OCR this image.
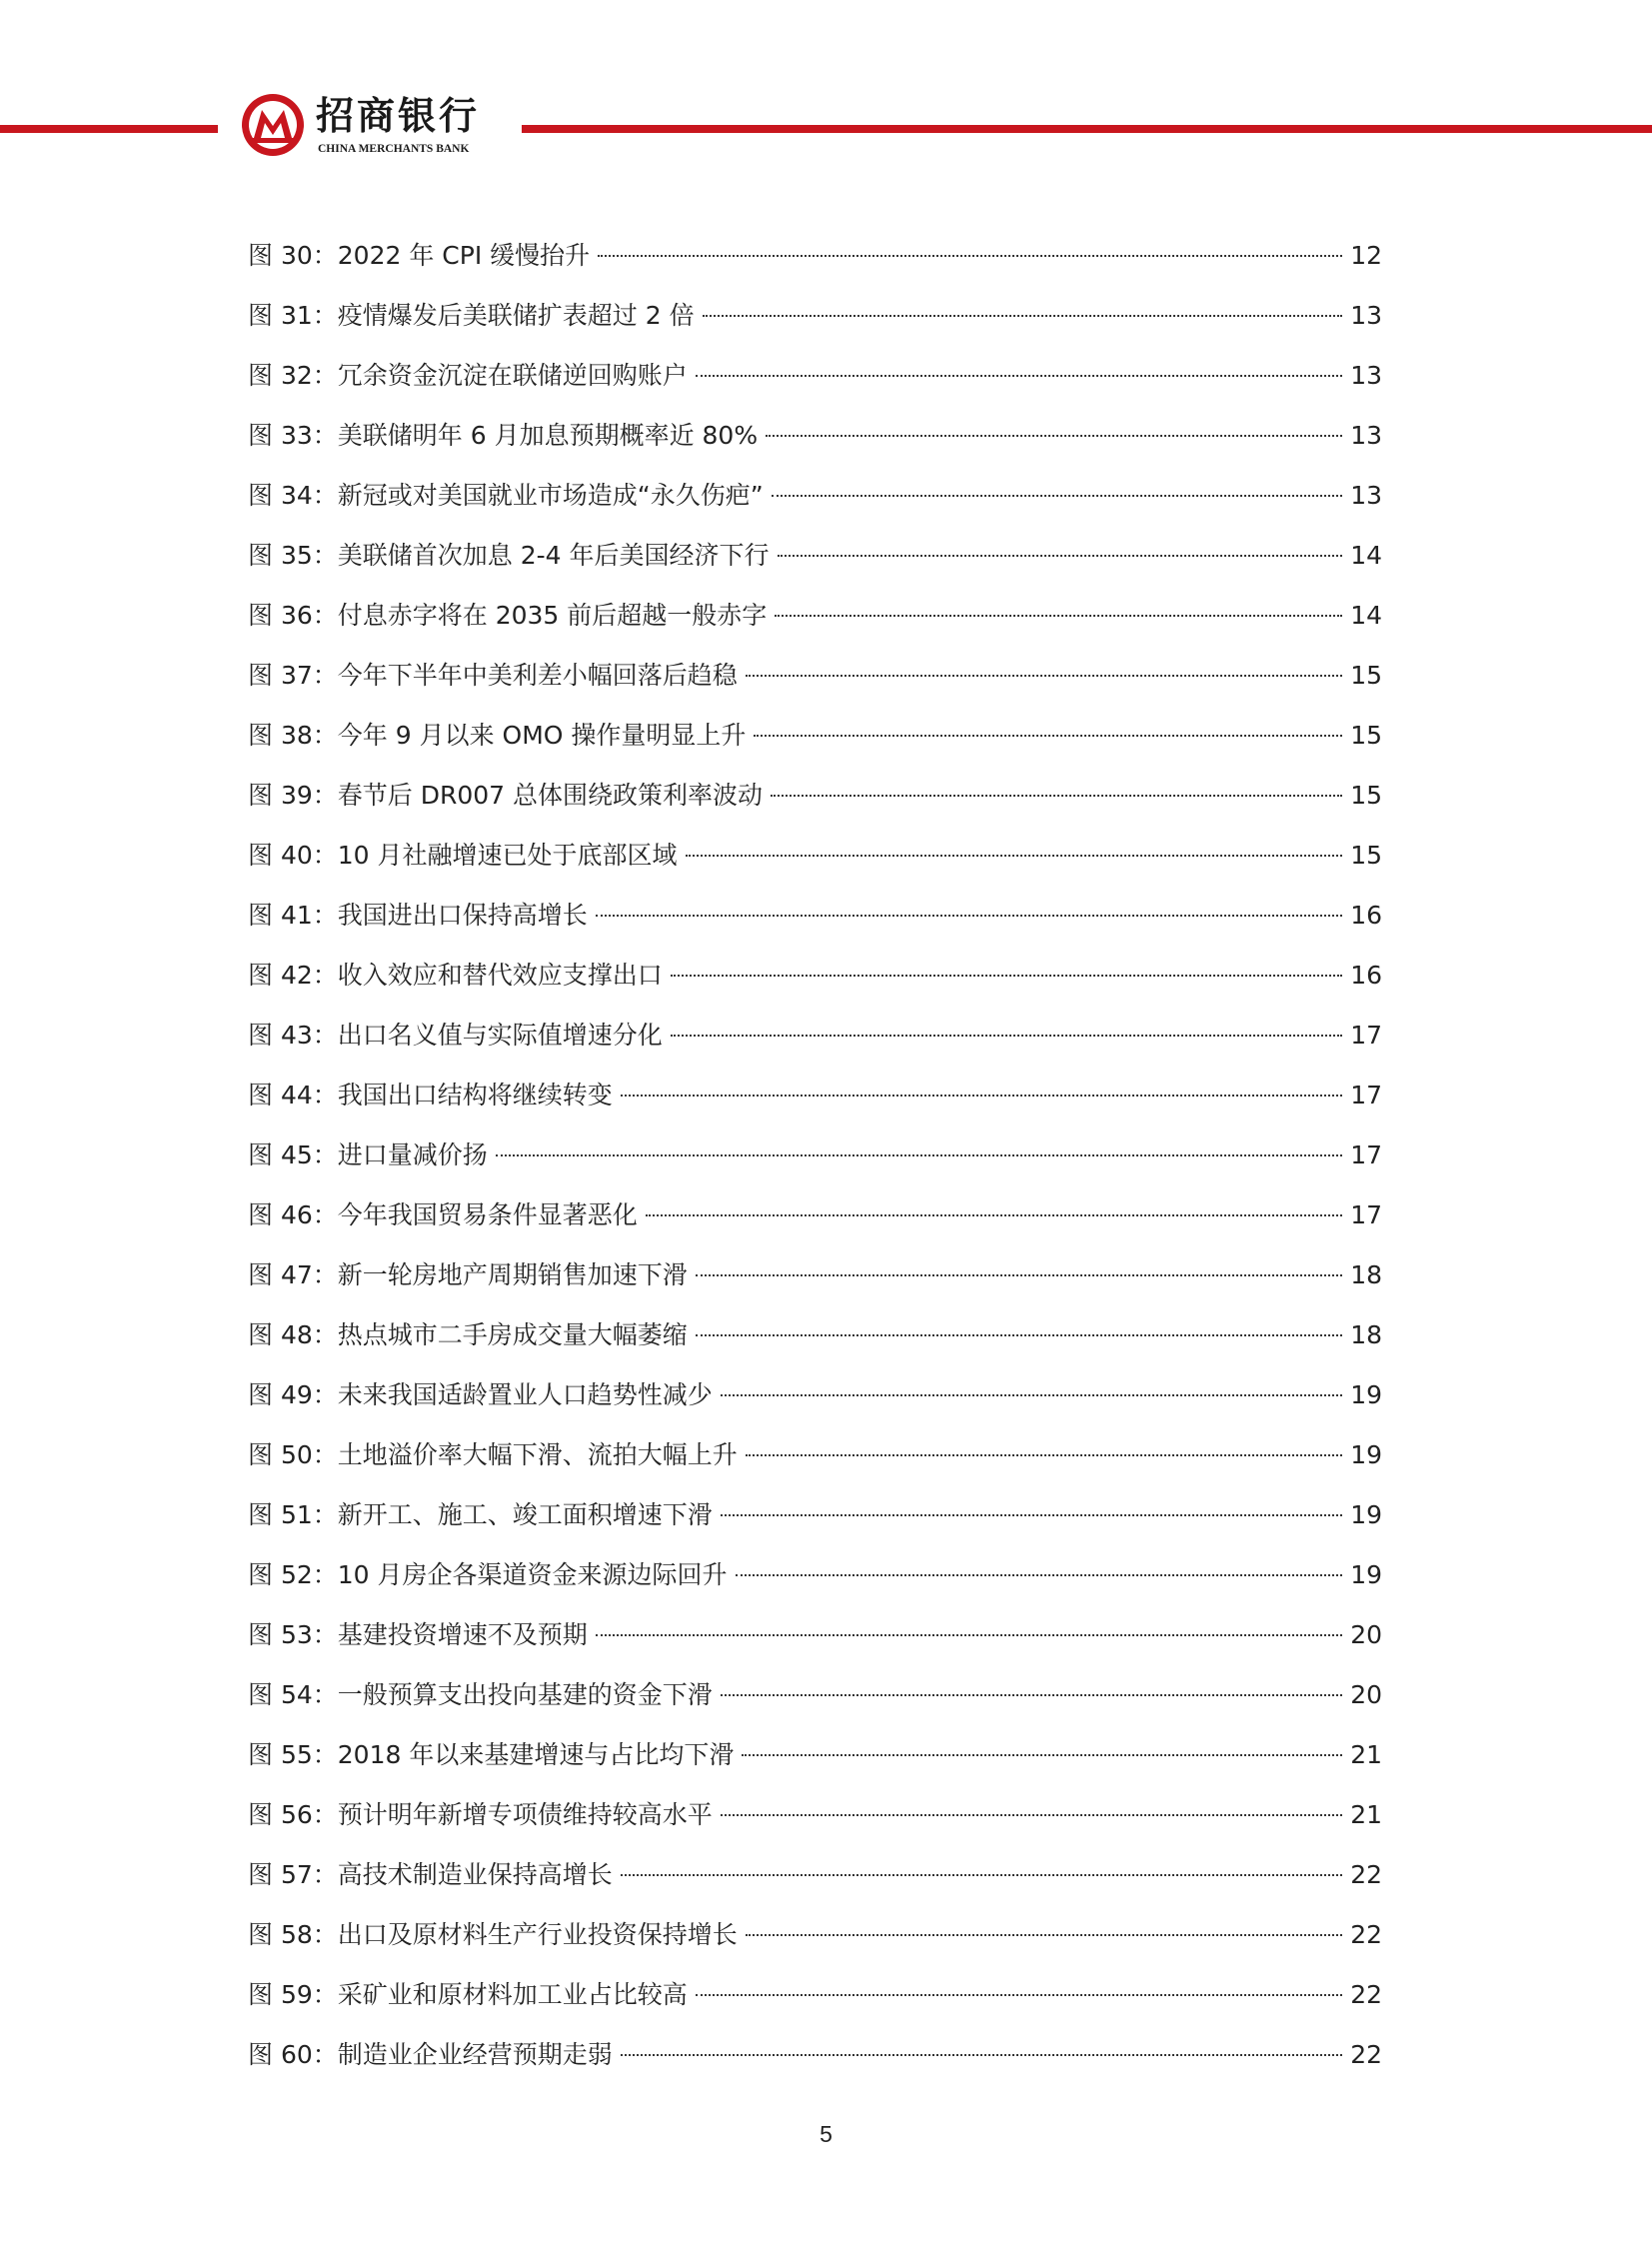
招商银行
CHINA MERCHANTS BANK
图 30： 2022 年 CPI 缓慢抬升	12
图 31： 疫情爆发后美联储扩表超过 2 倍	13
图 32： 冗余资金沉淀在联储逆回购账户	13
图 33： 美联储明年 6 月加息预期概率近 80%	13
图 34： 新冠或对美国就业市场造成“永久伤疤”	13
图 35： 美联储首次加息 2-4 年后美国经济下行	14
图 36： 付息赤字将在 2035 前后超越一般赤字	14
图 37： 今年下半年中美利差小幅回落后趋稳	15
图 38： 今年 9 月以来 OMO 操作量明显上升	15
图 39： 春节后 DR007 总体围绕政策利率波动	15
图 40： 10 月社融增速已处于底部区域	15
图 41： 我国进出口保持高增长	16
图 42： 收入效应和替代效应支撑出口	16
图 43： 出口名义值与实际值增速分化	17
图 44： 我国出口结构将继续转变	17
图 45： 进口量减价扬	17
图 46： 今年我国贸易条件显著恶化	17
图 47： 新一轮房地产周期销售加速下滑	18
图 48： 热点城市二手房成交量大幅萎缩	18
图 49： 未来我国适龄置业人口趋势性减少	19
图 50： 土地溢价率大幅下滑、流拍大幅上升	19
图 51： 新开工、施工、竣工面积增速下滑	19
图 52： 10 月房企各渠道资金来源边际回升	19
图 53： 基建投资增速不及预期	20
图 54： 一般预算支出投向基建的资金下滑	20
图 55： 2018 年以来基建增速与占比均下滑	21
图 56： 预计明年新增专项债维持较高水平	21
图 57： 高技术制造业保持高增长	22
图 58： 出口及原材料生产行业投资保持增长	22
图 59： 采矿业和原材料加工业占比较高	22
图 60： 制造业企业经营预期走弱	22
5
